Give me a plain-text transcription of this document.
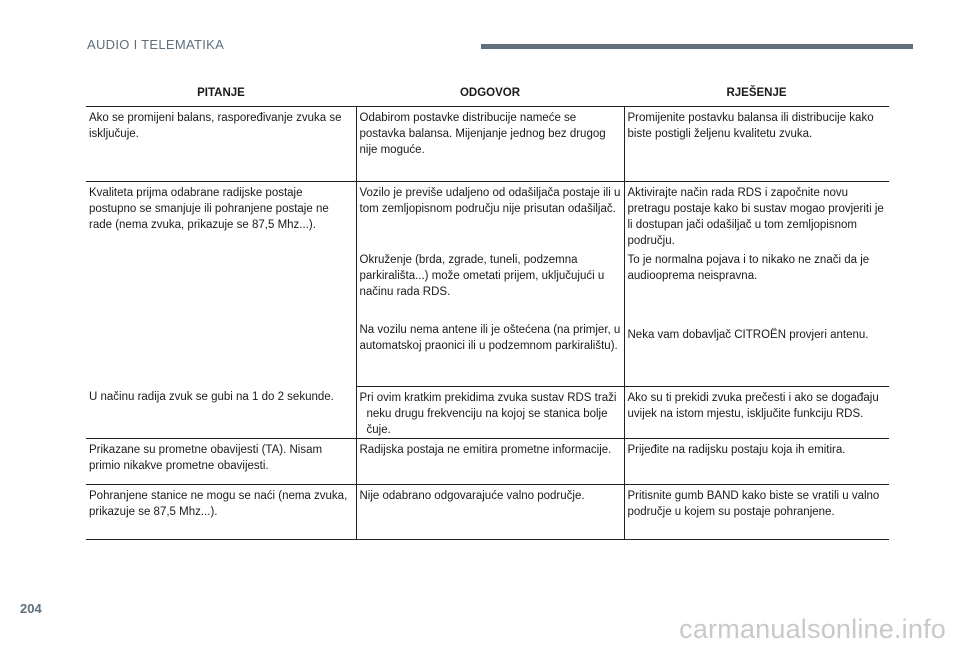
AUDIO I TELEMATIKA
PITANJE	ODGOVOR	RJEŠENJE
Ako se promijeni balans, raspoređivanje zvuka se isključuje.	Odabirom postavke distribucije nameće se postavka balansa. Mijenjanje jednog bez drugog nije moguće.	Promijenite postavku balansa ili distribucije kako biste postigli željenu kvalitetu zvuka.
Kvaliteta prijma odabrane radijske postaje postupno se smanjuje ili pohranjene postaje ne rade (nema zvuka, prikazuje se 87,5 Mhz...).	Vozilo je previše udaljeno od odašiljača postaje ili u tom zemljopisnom području nije prisutan odašiljač.	Aktivirajte način rada RDS i započnite novu pretragu postaje kako bi sustav mogao provjeriti je li dostupan jači odašiljač u tom zemljopisnom području.
	Okruženje (brda, zgrade, tuneli, podzemna parkirališta...) može ometati prijem, uključujući u načinu rada RDS.	To je normalna pojava i to nikako ne znači da je audiooprema neispravna.
	Na vozilu nema antene ili je oštećena (na primjer, u automatskoj praonici ili u podzemnom parkiralištu).	Neka vam dobavljač CITROËN provjeri antenu.
U načinu radija zvuk se gubi na 1 do 2 sekunde.	Pri ovim kratkim prekidima zvuka sustav RDS traži neku drugu frekvenciju na kojoj se stanica bolje čuje.	Ako su ti prekidi zvuka prečesti i ako se događaju uvijek na istom mjestu, isključite funkciju RDS.
Prikazane su prometne obavijesti (TA). Nisam primio nikakve prometne obavijesti.	Radijska postaja ne emitira prometne informacije.	Prijeđite na radijsku postaju koja ih emitira.
Pohranjene stanice ne mogu se naći (nema zvuka, prikazuje se 87,5 Mhz...).	Nije odabrano odgovarajuće valno područje.	Pritisnite gumb BAND kako biste se vratili u valno područje u kojem su postaje pohranjene.
204
carmanualsonline.info
